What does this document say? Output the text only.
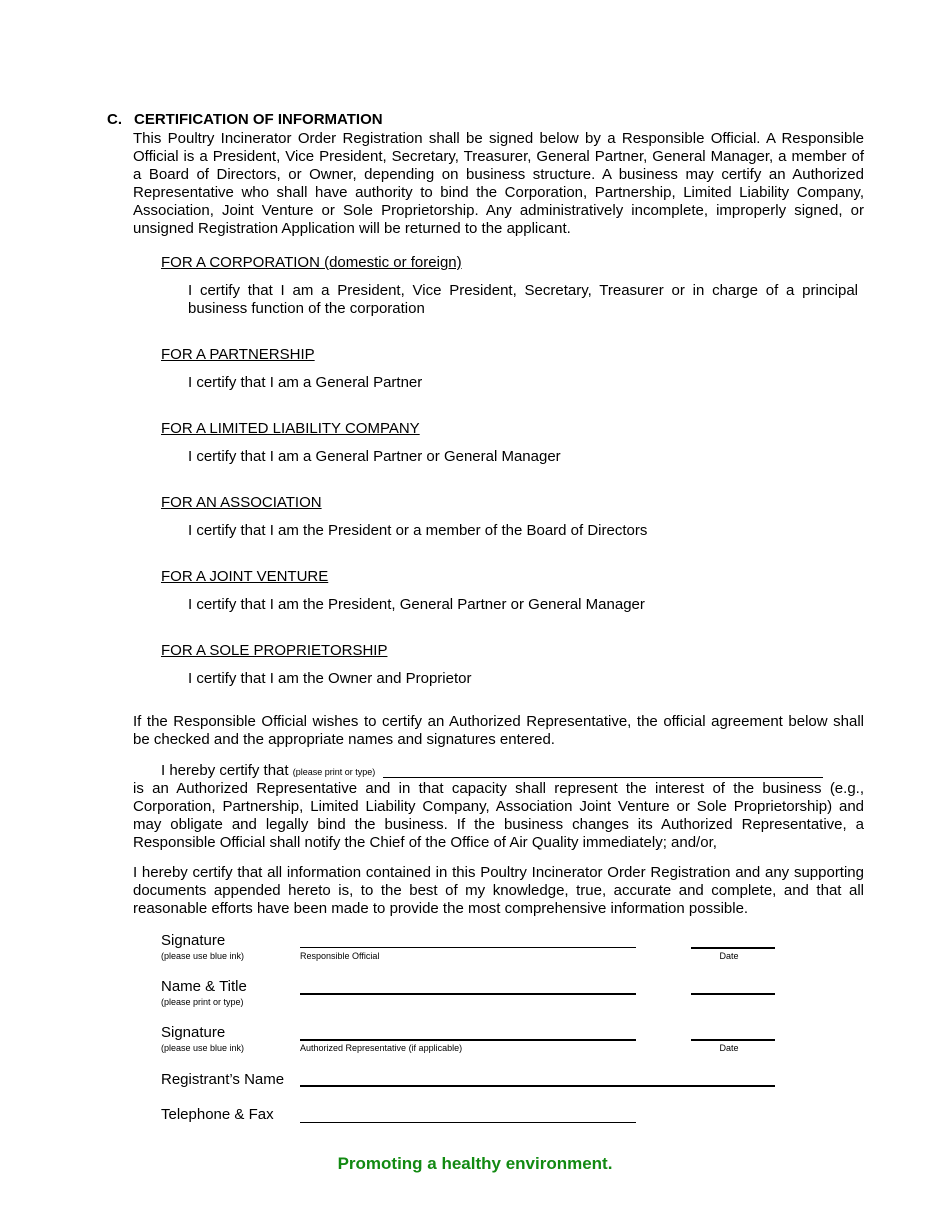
C. CERTIFICATION OF INFORMATION

This Poultry Incinerator Order Registration shall be signed below by a Responsible Official. A Responsible Official is a President, Vice President, Secretary, Treasurer, General Partner, General Manager, a member of a Board of Directors, or Owner, depending on business structure. A business may certify an Authorized Representative who shall have authority to bind the Corporation, Partnership, Limited Liability Company, Association, Joint Venture or Sole Proprietorship. Any administratively incomplete, improperly signed, or unsigned Registration Application will be returned to the applicant.

FOR A CORPORATION (domestic or foreign)

I certify that I am a President, Vice President, Secretary, Treasurer or in charge of a principal business function of the corporation

FOR A PARTNERSHIP

I certify that I am a General Partner

FOR A LIMITED LIABILITY COMPANY

I certify that I am a General Partner or General Manager

FOR AN ASSOCIATION

I certify that I am the President or a member of the Board of Directors

FOR A JOINT VENTURE

I certify that I am the President, General Partner or General Manager

FOR A SOLE PROPRIETORSHIP

I certify that I am the Owner and Proprietor

If the Responsible Official wishes to certify an Authorized Representative, the official agreement below shall be checked and the appropriate names and signatures entered.

I hereby certify that (please print or type)

is an Authorized Representative and in that capacity shall represent the interest of the business (e.g., Corporation, Partnership, Limited Liability Company, Association Joint Venture or Sole Proprietorship) and may obligate and legally bind the business. If the business changes its Authorized Representative, a Responsible Official shall notify the Chief of the Office of Air Quality immediately; and/or,

I hereby certify that all information contained in this Poultry Incinerator Order Registration and any supporting documents appended hereto is, to the best of my knowledge, true, accurate and complete, and that all reasonable efforts have been made to provide the most comprehensive information possible.

Signature
(please use blue ink)	Responsible Official	Date
Name & Title
(please print or type)
Signature
(please use blue ink)	Authorized Representative (if applicable)	Date
Registrant’s Name
Telephone & Fax
Promoting a healthy environment.
